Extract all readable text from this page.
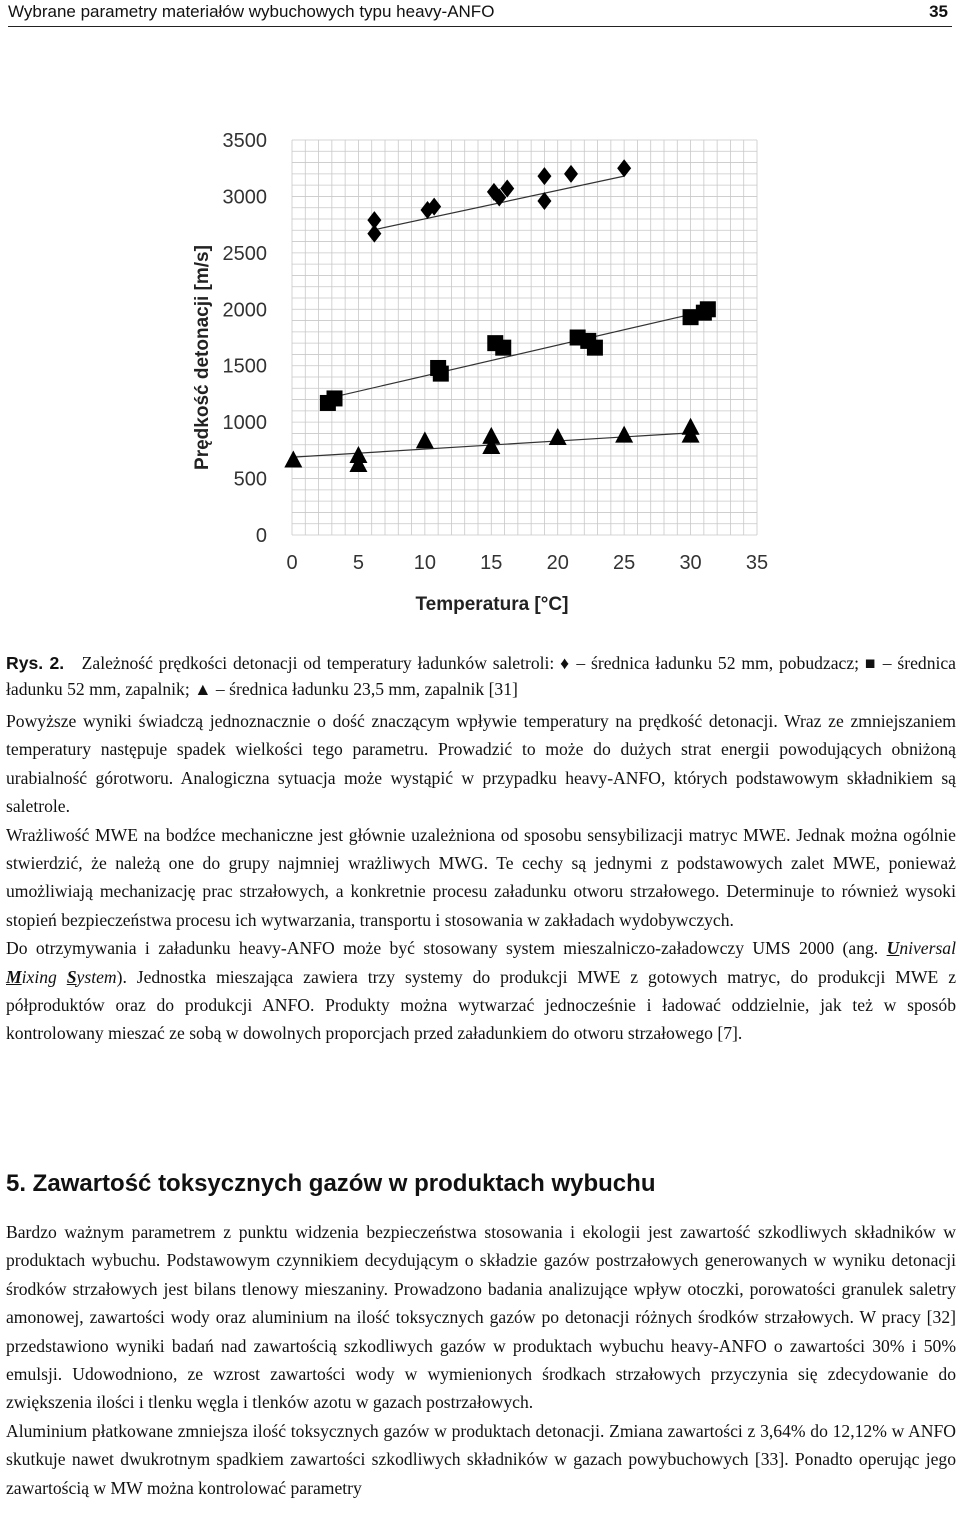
Wybrane parametry materiałów wybuchowych typu heavy-ANFO	35
0	5 10 15 20 25 30 35
0
500
1000
1500
2000
2500
3000
3500
Temperatura [°C]
Prędkość detonacji [m/s]
Rys. 2. Zależność prędkości detonacji od temperatury ładunków saletroli: ♦ – średnica ładunku 52 mm, pobudzacz; ■ – średnica ładunku 52 mm, zapalnik; ▲ – średnica ładunku 23,5 mm, zapalnik [31]

Powyższe wyniki świadczą jednoznacznie o dość znaczącym wpływie temperatury na prędkość detonacji. Wraz ze zmniejszaniem temperatury następuje spadek wielkości tego parametru. Prowadzić to może do dużych strat energii powodujących obniżoną urabialność górotworu. Analogiczna sytuacja może wystąpić w przypadku heavy-ANFO, których podstawowym składnikiem są saletrole.

Wrażliwość MWE na bodźce mechaniczne jest głównie uzależniona od sposobu sensybilizacji matryc MWE. Jednak można ogólnie stwierdzić, że należą one do grupy najmniej wrażliwych MWG. Te cechy są jednymi z podstawowych zalet MWE, ponieważ umożliwiają mechanizację prac strzałowych, a konkretnie procesu załadunku otworu strzałowego. Determinuje to również wysoki stopień bezpieczeństwa procesu ich wytwarzania, transportu i stosowania w zakładach wydobywczych.

Do otrzymywania i załadunku heavy-ANFO może być stosowany system mieszalniczo-załadowczy UMS 2000 (ang. Universal Mixing System). Jednostka mieszająca zawiera trzy systemy do produkcji MWE z gotowych matryc, do produkcji MWE z półproduktów oraz do produkcji ANFO. Produkty można wytwarzać jednocześnie i ładować oddzielnie, jak też w sposób kontrolowany mieszać ze sobą w dowolnych proporcjach przed załadunkiem do otworu strzałowego [7].

5. Zawartość toksycznych gazów w produktach wybuchu

Bardzo ważnym parametrem z punktu widzenia bezpieczeństwa stosowania i ekologii jest zawartość szkodliwych składników w produktach wybuchu. Podstawowym czynnikiem decydującym o składzie gazów postrzałowych generowanych w wyniku detonacji środków strzałowych jest bilans tlenowy mieszaniny. Prowadzono badania analizujące wpływ otoczki, porowatości granulek saletry amonowej, zawartości wody oraz aluminium na ilość toksycznych gazów po detonacji różnych środków strzałowych. W pracy [32] przedstawiono wyniki badań nad zawartością szkodliwych gazów w produktach wybuchu heavy-ANFO o zawartości 30% i 50% emulsji. Udowodniono, ze wzrost zawartości wody w wymienionych środkach strzałowych przyczynia się zdecydowanie do zwiększenia ilości i tlenku węgla i tlenków azotu w gazach postrzałowych.

Aluminium płatkowane zmniejsza ilość toksycznych gazów w produktach detonacji. Zmiana zawartości z 3,64% do 12,12% w ANFO skutkuje nawet dwukrotnym spadkiem zawartości szkodliwych składników w gazach powybuchowych [33]. Ponadto operując jego zawartością w MW można kontrolować parametry
